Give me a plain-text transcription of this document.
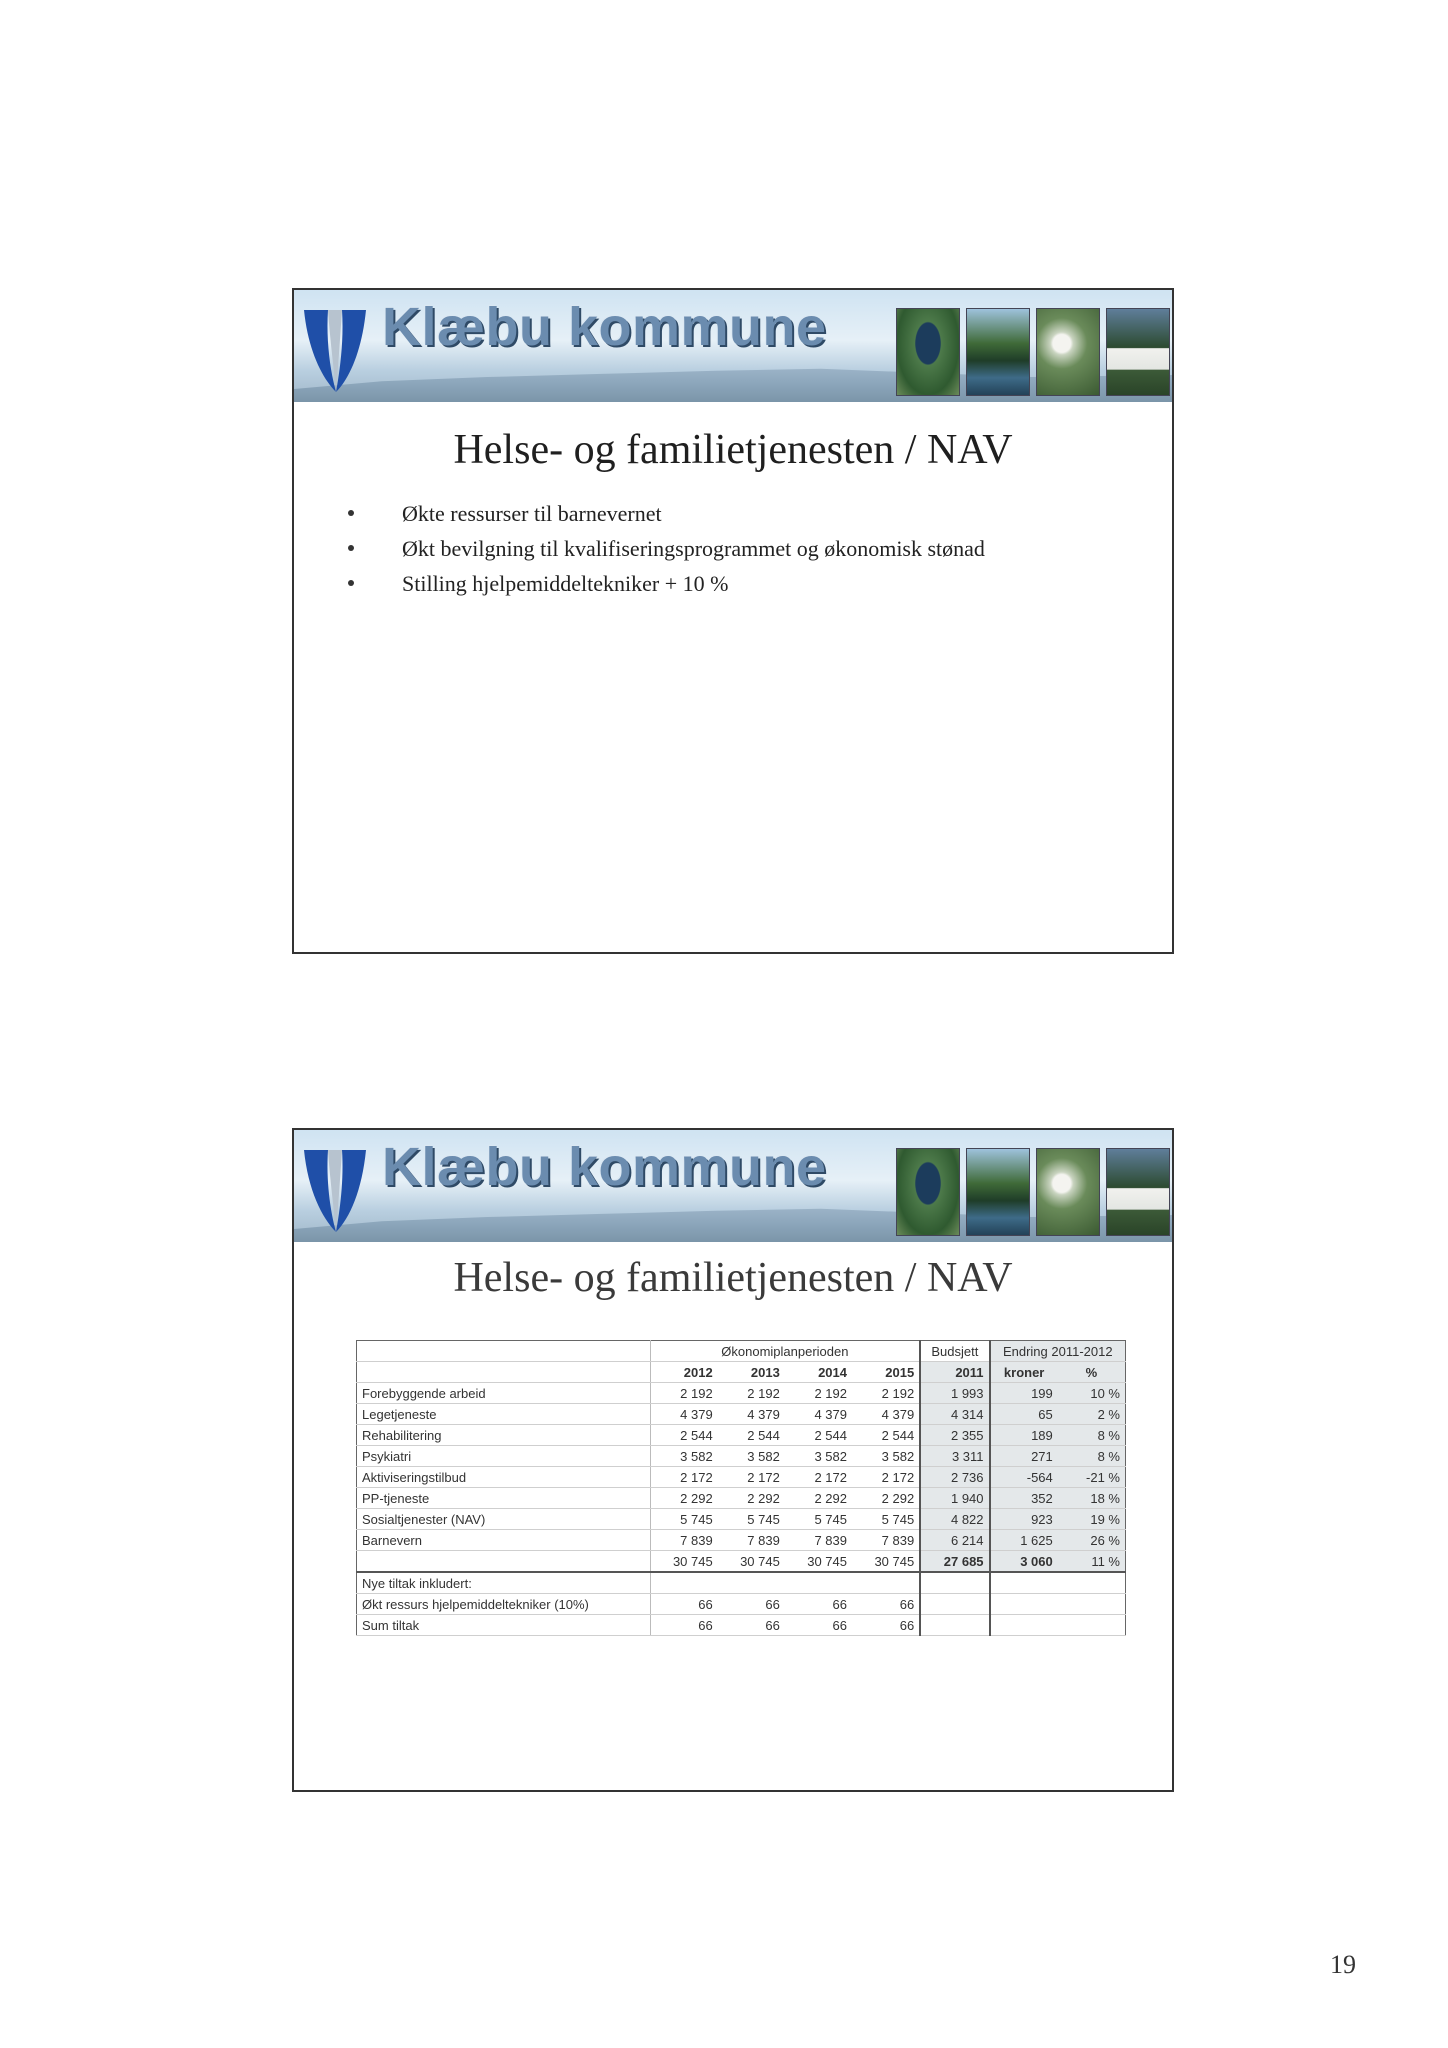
Klæbu kommune
Helse- og familietjenesten / NAV
Økte ressurser til barnevernet
Økt bevilgning til kvalifiseringsprogrammet og økonomisk stønad
Stilling hjelpemiddeltekniker + 10 %
Klæbu kommune
Helse- og familietjenesten / NAV
	Økonomiplanperioden				Budsjett	Endring 2011-2012	
	2012	2013	2014	2015	2011	kroner	%
Forebyggende arbeid	2 192	2 192	2 192	2 192	1 993	199	10 %
Legetjeneste	4 379	4 379	4 379	4 379	4 314	65	2 %
Rehabilitering	2 544	2 544	2 544	2 544	2 355	189	8 %
Psykiatri	3 582	3 582	3 582	3 582	3 311	271	8 %
Aktiviseringstilbud	2 172	2 172	2 172	2 172	2 736	-564	-21 %
PP-tjeneste	2 292	2 292	2 292	2 292	1 940	352	18 %
Sosialtjenester (NAV)	5 745	5 745	5 745	5 745	4 822	923	19 %
Barnevern	7 839	7 839	7 839	7 839	6 214	1 625	26 %
	30 745	30 745	30 745	30 745	27 685	3 060	11 %
Nye tiltak inkludert:							
Økt ressurs hjelpemiddeltekniker (10%)	66	66	66	66			
Sum tiltak	66	66	66	66			
19
